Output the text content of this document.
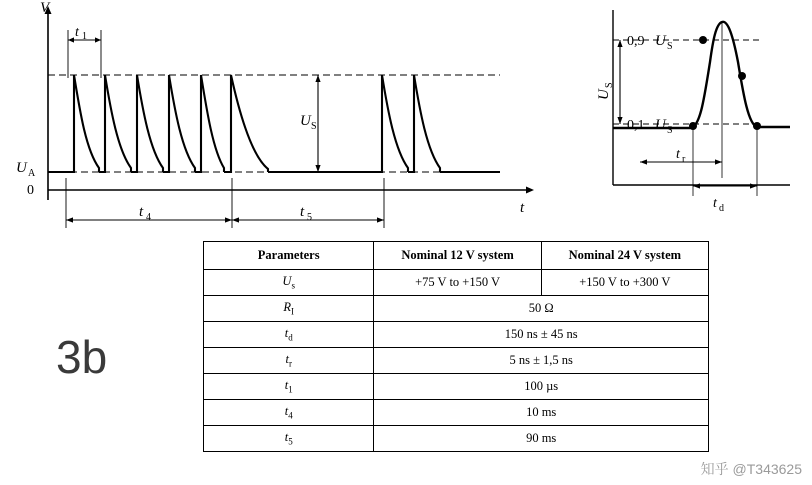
t 1
U S
U A
0
V
t
t 4	t 5
0,9 U S
0,1 U S
U
S
t r
t d
3b
Parameters	Nominal 12 V system	Nominal 24 V system
$U_s$	+75 V to +150 V	+150 V to +300 V
$R_I$	50 Ω	
$t_d$	150 ns ± 45 ns	
$t_r$	5 ns ± 1,5 ns	
$t_1$	100 µs	
$t_4$	10 ms	
$t_5$	90 ms	
知乎 @T343625
